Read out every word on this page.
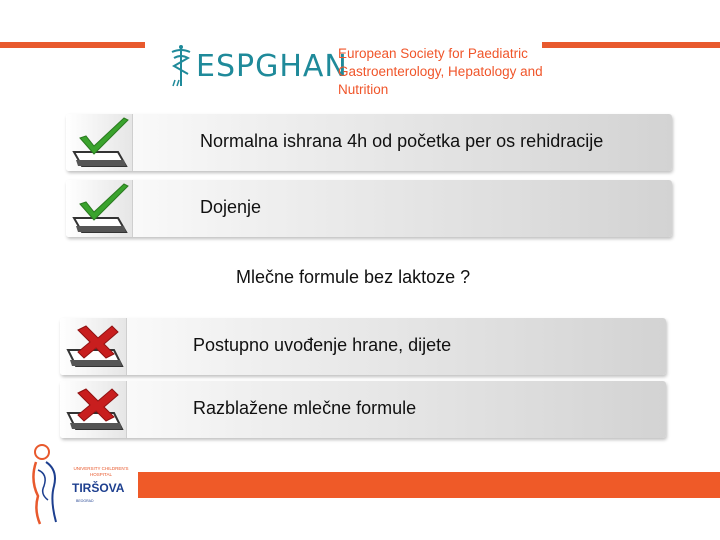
ESPGHAN
European Society for Paediatric
Gastroenterology, Hepatology and
Nutrition
Normalna ishrana 4h od početka per os rehidracije
Dojenje
Mlečne formule bez laktoze ?
Postupno uvođenje hrane, dijete
Razblažene mlečne formule
UNIVERSITY CHILDREN'S HOSPITAL
TIRŠOVA
BEOGRAD
